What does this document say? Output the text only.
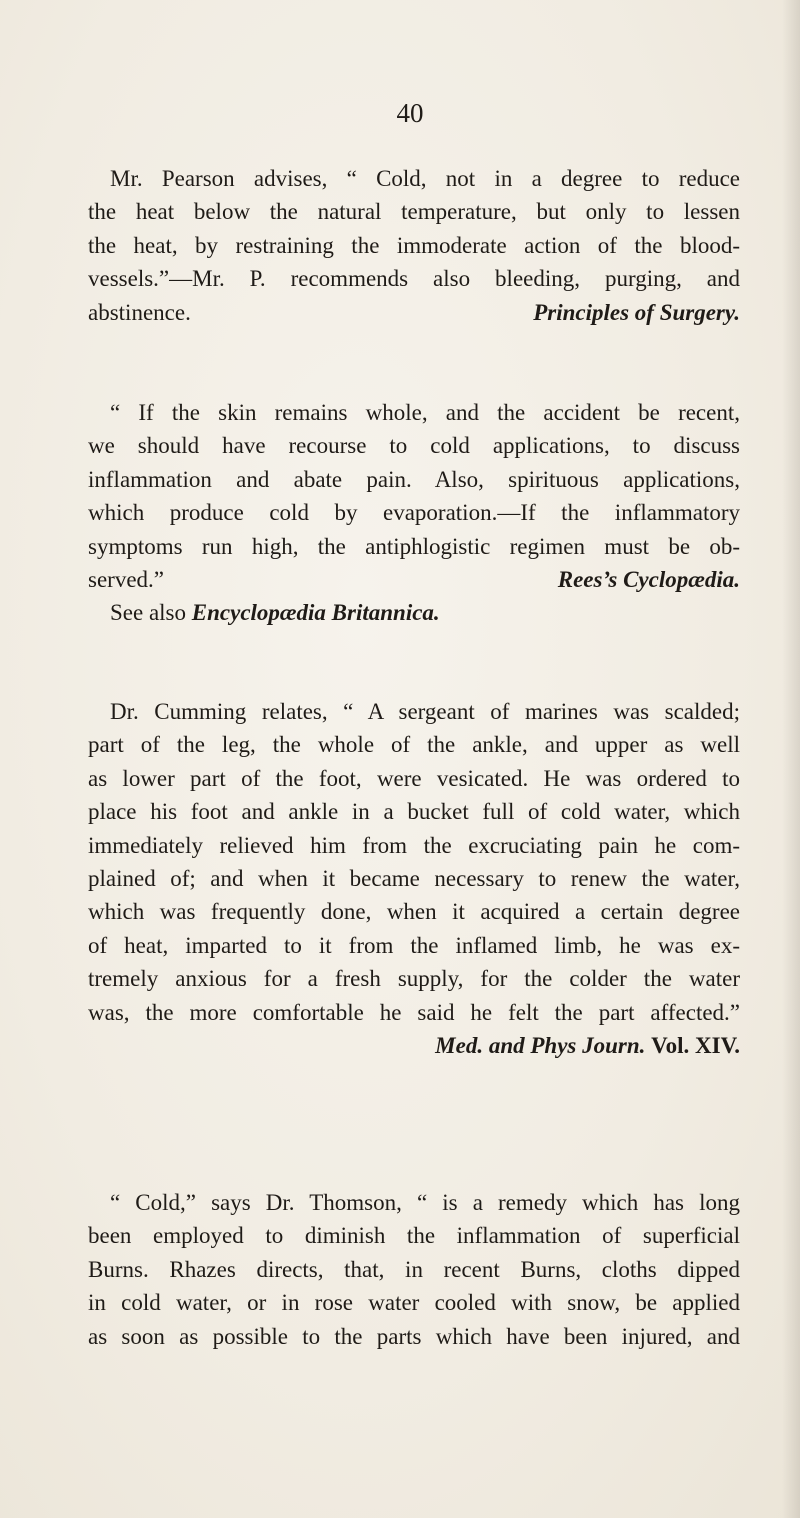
40
Mr. Pearson advises, “ Cold, not in a degree to reduce
the heat below the natural temperature, but only to lessen
the heat, by restraining the immoderate action of the blood-
vessels.”—Mr. P. recommends also bleeding, purging, and
abstinence.	Principles of Surgery.
“ If the skin remains whole, and the accident be recent,
we should have recourse to cold applications, to discuss
inflammation and abate pain. Also, spirituous applications,
which produce cold by evaporation.—If the inflammatory
symptoms run high, the antiphlogistic regimen must be ob-
served.”	Rees’s Cyclopædia.
See also Encyclopædia Britannica.
Dr. Cumming relates, “ A sergeant of marines was scalded;
part of the leg, the whole of the ankle, and upper as well
as lower part of the foot, were vesicated. He was ordered to
place his foot and ankle in a bucket full of cold water, which
immediately relieved him from the excruciating pain he com-
plained of; and when it became necessary to renew the water,
which was frequently done, when it acquired a certain degree
of heat, imparted to it from the inflamed limb, he was ex-
tremely anxious for a fresh supply, for the colder the water
was, the more comfortable he said he felt the part affected.”
Med. and Phys Journ. Vol. XIV.
“ Cold,” says Dr. Thomson, “ is a remedy which has long
been employed to diminish the inflammation of superficial
Burns. Rhazes directs, that, in recent Burns, cloths dipped
in cold water, or in rose water cooled with snow, be applied
as soon as possible to the parts which have been injured, and
